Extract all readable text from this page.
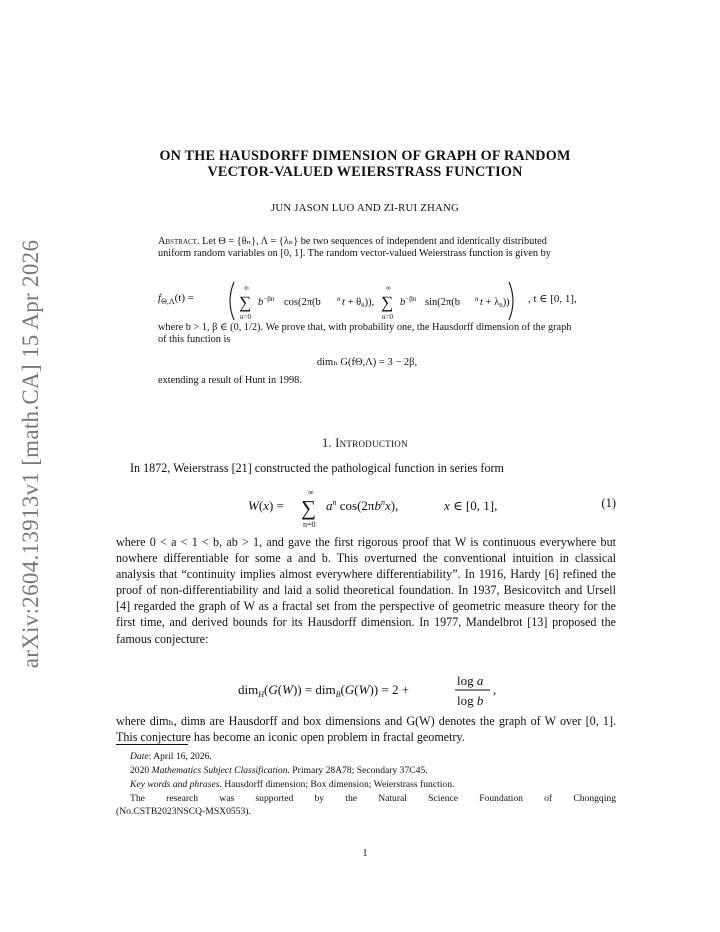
arXiv:2604.13913v1 [math.CA] 15 Apr 2026
ON THE HAUSDORFF DIMENSION OF GRAPH OF RANDOM
VECTOR-VALUED WEIERSTRASS FUNCTION
JUN JASON LUO AND ZI-RUI ZHANG
Abstract. Let Θ = {θₙ}, Λ = {λₙ} be two sequences of independent and identically distributed uniform random variables on [0, 1]. The random vector-valued Weierstrass function is given by
$f_{\Theta,\Lambda}(t)$ =
∞
∑
n=0
$b^{-\beta n}$ cos(2π(b n t + θn)),
∞
∑
n=0
$b^{-\beta n}$ sin(2π(b n t + λn)) , t ∈ [0, 1],
where b > 1, β ∈ (0, 1/2). We prove that, with probability one, the Hausdorff dimension of the graph of this function is
dimₕ G(fΘ,Λ) = 3 − 2β,
extending a result of Hunt in 1998.
1. Introduction
In 1872, Weierstrass [21] constructed the pathological function in series form
W(x) =
∞
∑
n=0
$a^n$ $\cos(2\pi b^nx)$,	x ∈ [0, 1],	(1)
where 0 < a < 1 < b, ab > 1, and gave the first rigorous proof that W is continuous everywhere but nowhere differentiable for some a and b. This overturned the conventional intuition in classical analysis that “continuity implies almost everywhere differentiability”. In 1916, Hardy [6] refined the proof of non-differentiability and laid a solid theoretical foundation. In 1937, Besicovitch and Ursell [4] regarded the graph of W as a fractal set from the perspective of geometric measure theory for the first time, and derived bounds for its Hausdorff dimension. In 1977, Mandelbrot [13] proposed the famous conjecture:
dim$_H$(G(W)) = dim$_B$(G(W)) = 2 +
log a
log b
,
where dimₕ, dimʙ are Hausdorff and box dimensions and G(W) denotes the graph of W over [0, 1]. This conjecture has become an iconic open problem in fractal geometry.
Date: April 16, 2026.
2020 Mathematics Subject Classification. Primary 28A78; Secondary 37C45.
Key words and phrases. Hausdorff dimension; Box dimension; Weierstrass function.
The research was supported by the Natural Science Foundation of Chongqing
(No.CSTB2023NSCQ-MSX0553).
1
